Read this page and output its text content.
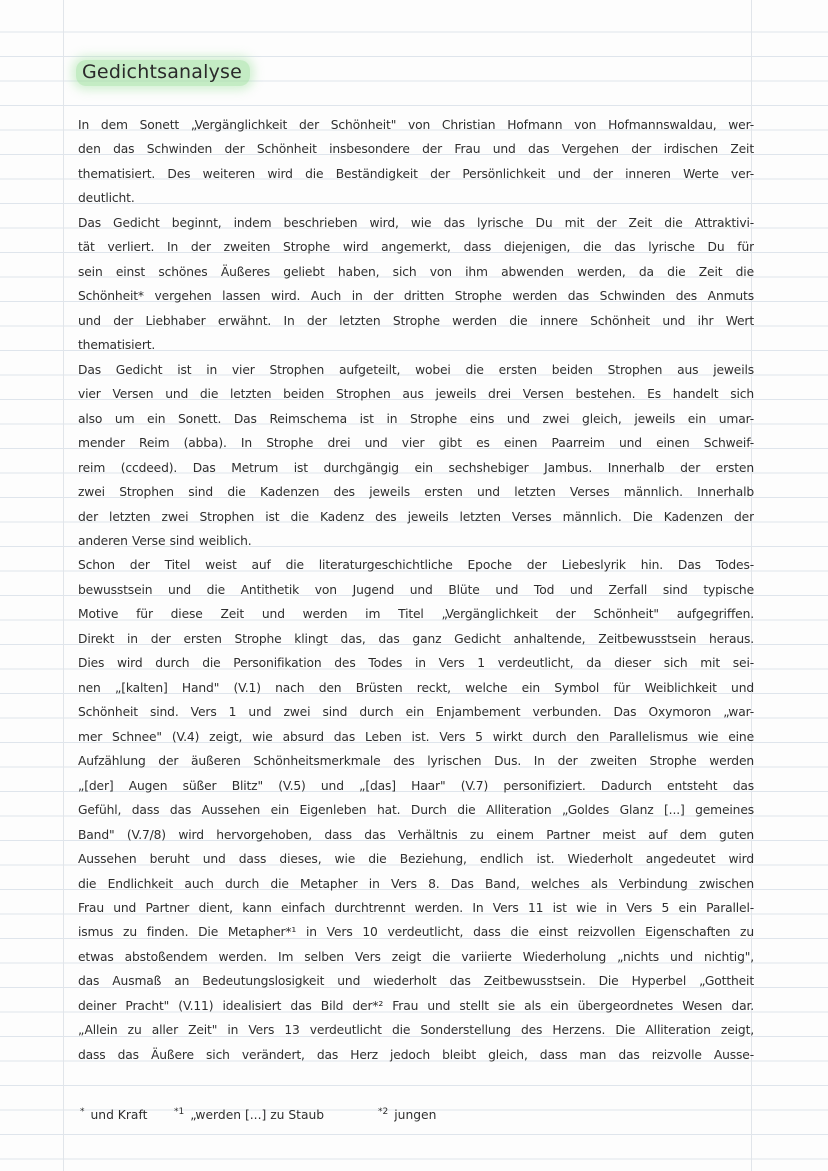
Gedichtsanalyse
In dem Sonett „Vergänglichkeit der Schönheit" von Christian Hofmann von Hofmannswaldau, wer-
den das Schwinden der Schönheit insbesondere der Frau und das Vergehen der irdischen Zeit
thematisiert. Des weiteren wird die Beständigkeit der Persönlichkeit und der inneren Werte ver-
deutlicht.
Das Gedicht beginnt, indem beschrieben wird, wie das lyrische Du mit der Zeit die Attraktivi-
tät verliert. In der zweiten Strophe wird angemerkt, dass diejenigen, die das lyrische Du für
sein einst schönes Äußeres geliebt haben, sich von ihm abwenden werden, da die Zeit die
Schönheit* vergehen lassen wird. Auch in der dritten Strophe werden das Schwinden des Anmuts
und der Liebhaber erwähnt. In der letzten Strophe werden die innere Schönheit und ihr Wert
thematisiert.
Das Gedicht ist in vier Strophen aufgeteilt, wobei die ersten beiden Strophen aus jeweils
vier Versen und die letzten beiden Strophen aus jeweils drei Versen bestehen. Es handelt sich
also um ein Sonett. Das Reimschema ist in Strophe eins und zwei gleich, jeweils ein umar-
mender Reim (abba). In Strophe drei und vier gibt es einen Paarreim und einen Schweif-
reim (ccdeed). Das Metrum ist durchgängig ein sechshebiger Jambus. Innerhalb der ersten
zwei Strophen sind die Kadenzen des jeweils ersten und letzten Verses männlich. Innerhalb
der letzten zwei Strophen ist die Kadenz des jeweils letzten Verses männlich. Die Kadenzen der
anderen Verse sind weiblich.
Schon der Titel weist auf die literaturgeschichtliche Epoche der Liebeslyrik hin. Das Todes-
bewusstsein und die Antithetik von Jugend und Blüte und Tod und Zerfall sind typische
Motive für diese Zeit und werden im Titel „Vergänglichkeit der Schönheit" aufgegriffen.
Direkt in der ersten Strophe klingt das, das ganz Gedicht anhaltende, Zeitbewusstsein heraus.
Dies wird durch die Personifikation des Todes in Vers 1 verdeutlicht, da dieser sich mit sei-
nen „[kalten] Hand" (V.1) nach den Brüsten reckt, welche ein Symbol für Weiblichkeit und
Schönheit sind. Vers 1 und zwei sind durch ein Enjambement verbunden. Das Oxymoron „war-
mer Schnee" (V.4) zeigt, wie absurd das Leben ist. Vers 5 wirkt durch den Parallelismus wie eine
Aufzählung der äußeren Schönheitsmerkmale des lyrischen Dus. In der zweiten Strophe werden
„[der] Augen süßer Blitz" (V.5) und „[das] Haar" (V.7) personifiziert. Dadurch entsteht das
Gefühl, dass das Aussehen ein Eigenleben hat. Durch die Alliteration „Goldes Glanz [...] gemeines
Band" (V.7/8) wird hervorgehoben, dass das Verhältnis zu einem Partner meist auf dem guten
Aussehen beruht und dass dieses, wie die Beziehung, endlich ist. Wiederholt angedeutet wird
die Endlichkeit auch durch die Metapher in Vers 8. Das Band, welches als Verbindung zwischen
Frau und Partner dient, kann einfach durchtrennt werden. In Vers 11 ist wie in Vers 5 ein Parallel-
ismus zu finden. Die Metapher*¹ in Vers 10 verdeutlicht, dass die einst reizvollen Eigenschaften zu
etwas abstoßendem werden. Im selben Vers zeigt die variierte Wiederholung „nichts und nichtig",
das Ausmaß an Bedeutungslosigkeit und wiederholt das Zeitbewusstsein. Die Hyperbel „Gottheit
deiner Pracht" (V.11) idealisiert das Bild der*² Frau und stellt sie als ein übergeordnetes Wesen dar.
„Allein zu aller Zeit" in Vers 13 verdeutlicht die Sonderstellung des Herzens. Die Alliteration zeigt,
dass das Äußere sich verändert, das Herz jedoch bleibt gleich, dass man das reizvolle Ausse-
* und Kraft	$^{*1}$ „werden [...] zu Staub	$^{*2}$ jungen
